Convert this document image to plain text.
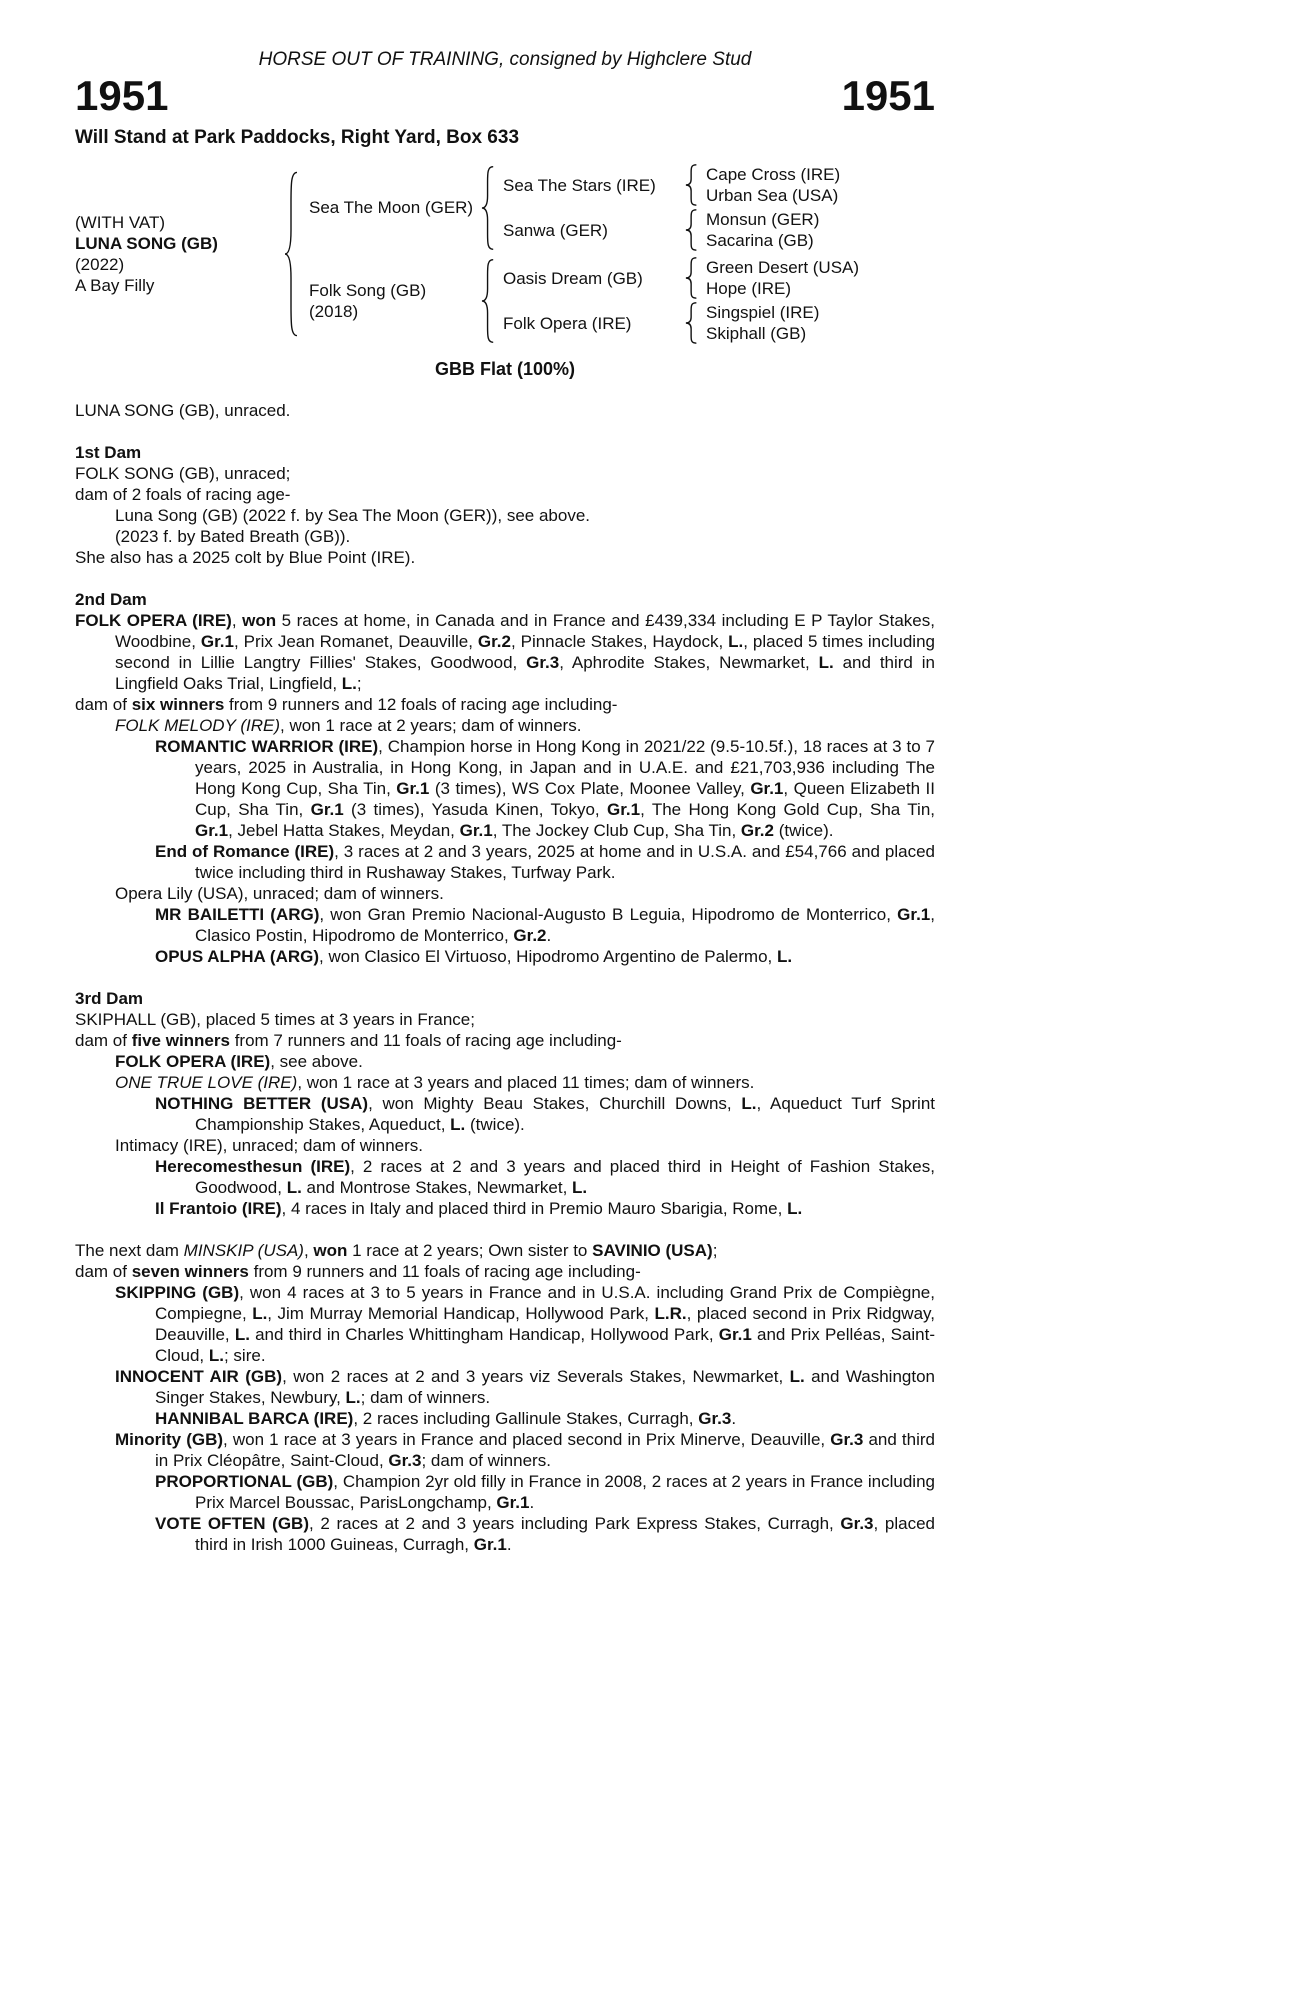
HORSE OUT OF TRAINING, consigned by Highclere Stud
1951	1951
Will Stand at Park Paddocks, Right Yard, Box 633
(WITH VAT)
LUNA SONG (GB)
(2022)
A Bay Filly
Sea The Moon (GER)
Sea The Stars (IRE)
Cape Cross (IRE)
Urban Sea (USA)
Sanwa (GER)
Monsun (GER)
Sacarina (GB)
Folk Song (GB)
(2018)
Oasis Dream (GB)
Green Desert (USA)
Hope (IRE)
Folk Opera (IRE)
Singspiel (IRE)
Skiphall (GB)
GBB Flat (100%)
LUNA SONG (GB), unraced.
1st Dam
FOLK SONG (GB), unraced;
dam of 2 foals of racing age-
Luna Song (GB) (2022 f. by Sea The Moon (GER)), see above.
(2023 f. by Bated Breath (GB)).
She also has a 2025 colt by Blue Point (IRE).
2nd Dam
FOLK OPERA (IRE), won 5 races at home, in Canada and in France and £439,334 including E P Taylor Stakes, Woodbine, Gr.1, Prix Jean Romanet, Deauville, Gr.2, Pinnacle Stakes, Haydock, L., placed 5 times including second in Lillie Langtry Fillies' Stakes, Goodwood, Gr.3, Aphrodite Stakes, Newmarket, L. and third in Lingfield Oaks Trial, Lingfield, L.;
dam of six winners from 9 runners and 12 foals of racing age including-
FOLK MELODY (IRE), won 1 race at 2 years; dam of winners.
ROMANTIC WARRIOR (IRE), Champion horse in Hong Kong in 2021/22 (9.5-10.5f.), 18 races at 3 to 7 years, 2025 in Australia, in Hong Kong, in Japan and in U.A.E. and £21,703,936 including The Hong Kong Cup, Sha Tin, Gr.1 (3 times), WS Cox Plate, Moonee Valley, Gr.1, Queen Elizabeth II Cup, Sha Tin, Gr.1 (3 times), Yasuda Kinen, Tokyo, Gr.1, The Hong Kong Gold Cup, Sha Tin, Gr.1, Jebel Hatta Stakes, Meydan, Gr.1, The Jockey Club Cup, Sha Tin, Gr.2 (twice).
End of Romance (IRE), 3 races at 2 and 3 years, 2025 at home and in U.S.A. and £54,766 and placed twice including third in Rushaway Stakes, Turfway Park.
Opera Lily (USA), unraced; dam of winners.
MR BAILETTI (ARG), won Gran Premio Nacional-Augusto B Leguia, Hipodromo de Monterrico, Gr.1, Clasico Postin, Hipodromo de Monterrico, Gr.2.
OPUS ALPHA (ARG), won Clasico El Virtuoso, Hipodromo Argentino de Palermo, L.
3rd Dam
SKIPHALL (GB), placed 5 times at 3 years in France;
dam of five winners from 7 runners and 11 foals of racing age including-
FOLK OPERA (IRE), see above.
ONE TRUE LOVE (IRE), won 1 race at 3 years and placed 11 times; dam of winners.
NOTHING BETTER (USA), won Mighty Beau Stakes, Churchill Downs, L., Aqueduct Turf Sprint Championship Stakes, Aqueduct, L. (twice).
Intimacy (IRE), unraced; dam of winners.
Herecomesthesun (IRE), 2 races at 2 and 3 years and placed third in Height of Fashion Stakes, Goodwood, L. and Montrose Stakes, Newmarket, L.
Il Frantoio (IRE), 4 races in Italy and placed third in Premio Mauro Sbarigia, Rome, L.
The next dam MINSKIP (USA), won 1 race at 2 years; Own sister to SAVINIO (USA);
dam of seven winners from 9 runners and 11 foals of racing age including-
SKIPPING (GB), won 4 races at 3 to 5 years in France and in U.S.A. including Grand Prix de Compiègne, Compiegne, L., Jim Murray Memorial Handicap, Hollywood Park, L.R., placed second in Prix Ridgway, Deauville, L. and third in Charles Whittingham Handicap, Hollywood Park, Gr.1 and Prix Pelléas, Saint-Cloud, L.; sire.
INNOCENT AIR (GB), won 2 races at 2 and 3 years viz Severals Stakes, Newmarket, L. and Washington Singer Stakes, Newbury, L.; dam of winners.
HANNIBAL BARCA (IRE), 2 races including Gallinule Stakes, Curragh, Gr.3.
Minority (GB), won 1 race at 3 years in France and placed second in Prix Minerve, Deauville, Gr.3 and third in Prix Cléopâtre, Saint-Cloud, Gr.3; dam of winners.
PROPORTIONAL (GB), Champion 2yr old filly in France in 2008, 2 races at 2 years in France including Prix Marcel Boussac, ParisLongchamp, Gr.1.
VOTE OFTEN (GB), 2 races at 2 and 3 years including Park Express Stakes, Curragh, Gr.3, placed third in Irish 1000 Guineas, Curragh, Gr.1.
